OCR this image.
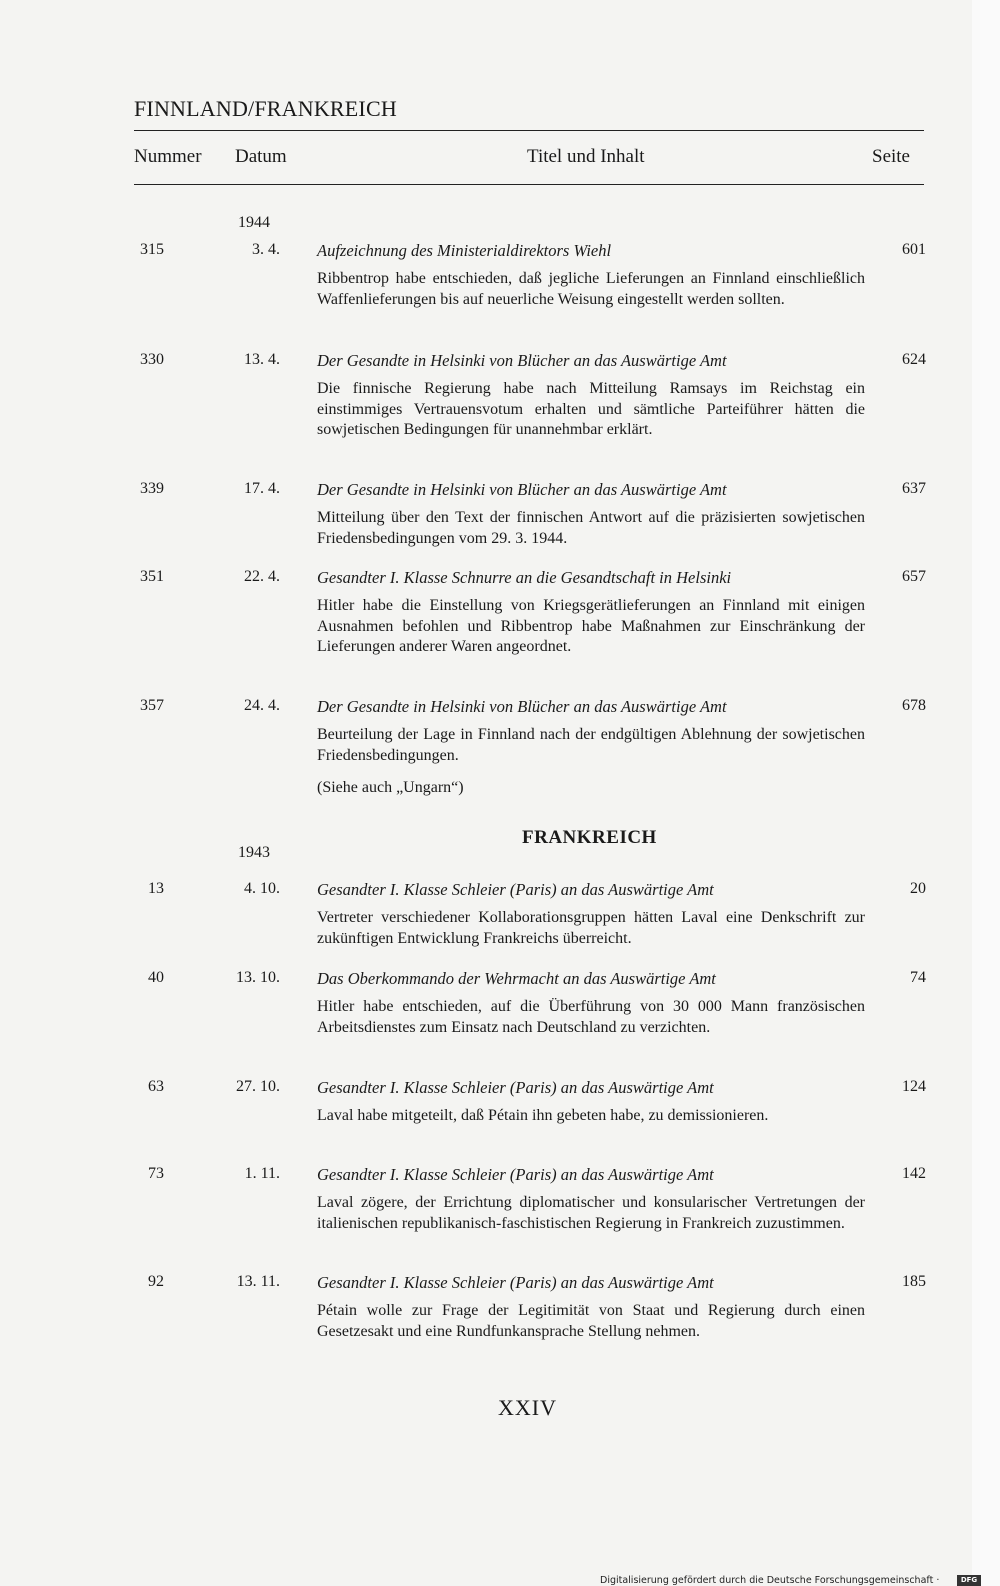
FINNLAND/FRANKREICH
Nummer Datum	Titel und Inhalt	Seite
1944
315	3. 4. Aufzeichnung des Ministerialdirektors Wiehl	601
Ribbentrop habe entschieden, daß jegliche Lieferungen an Finnland einschließlich Waffenlieferungen bis auf neuerliche Weisung eingestellt werden sollten.
330	13. 4. Der Gesandte in Helsinki von Blücher an das Auswärtige Amt	624
Die finnische Regierung habe nach Mitteilung Ramsays im Reichstag ein einstimmiges Vertrauensvotum erhalten und sämtliche Parteiführer hätten die sowjetischen Bedingungen für unannehmbar erklärt.
339	17. 4. Der Gesandte in Helsinki von Blücher an das Auswärtige Amt	637
Mitteilung über den Text der finnischen Antwort auf die präzisierten sowjetischen Friedensbedingungen vom 29. 3. 1944.
351	22. 4. Gesandter I. Klasse Schnurre an die Gesandtschaft in Helsinki	657
Hitler habe die Einstellung von Kriegsgerätlieferungen an Finnland mit einigen Ausnahmen befohlen und Ribbentrop habe Maßnahmen zur Einschränkung der Lieferungen anderer Waren angeordnet.
357	24. 4. Der Gesandte in Helsinki von Blücher an das Auswärtige Amt	678
Beurteilung der Lage in Finnland nach der endgültigen Ablehnung der sowjetischen Friedensbedingungen.
(Siehe auch „Ungarn“)
FRANKREICH
1943
13	4. 10. Gesandter I. Klasse Schleier (Paris) an das Auswärtige Amt	20
Vertreter verschiedener Kollaborationsgruppen hätten Laval eine Denkschrift zur zukünftigen Entwicklung Frankreichs überreicht.
40	13. 10. Das Oberkommando der Wehrmacht an das Auswärtige Amt	74
Hitler habe entschieden, auf die Überführung von 30 000 Mann französischen Arbeitsdienstes zum Einsatz nach Deutschland zu verzichten.
63	27. 10. Gesandter I. Klasse Schleier (Paris) an das Auswärtige Amt	124
Laval habe mitgeteilt, daß Pétain ihn gebeten habe, zu demissionieren.
73	1. 11. Gesandter I. Klasse Schleier (Paris) an das Auswärtige Amt	142
Laval zögere, der Errichtung diplomatischer und konsularischer Vertretungen der italienischen republikanisch-faschistischen Regierung in Frankreich zuzustimmen.
92	13. 11. Gesandter I. Klasse Schleier (Paris) an das Auswärtige Amt	185
Pétain wolle zur Frage der Legitimität von Staat und Regierung durch einen Gesetzesakt und eine Rundfunkansprache Stellung nehmen.
XXIV
Digitalisierung gefördert durch die Deutsche Forschungsgemeinschaft ·	DFG
